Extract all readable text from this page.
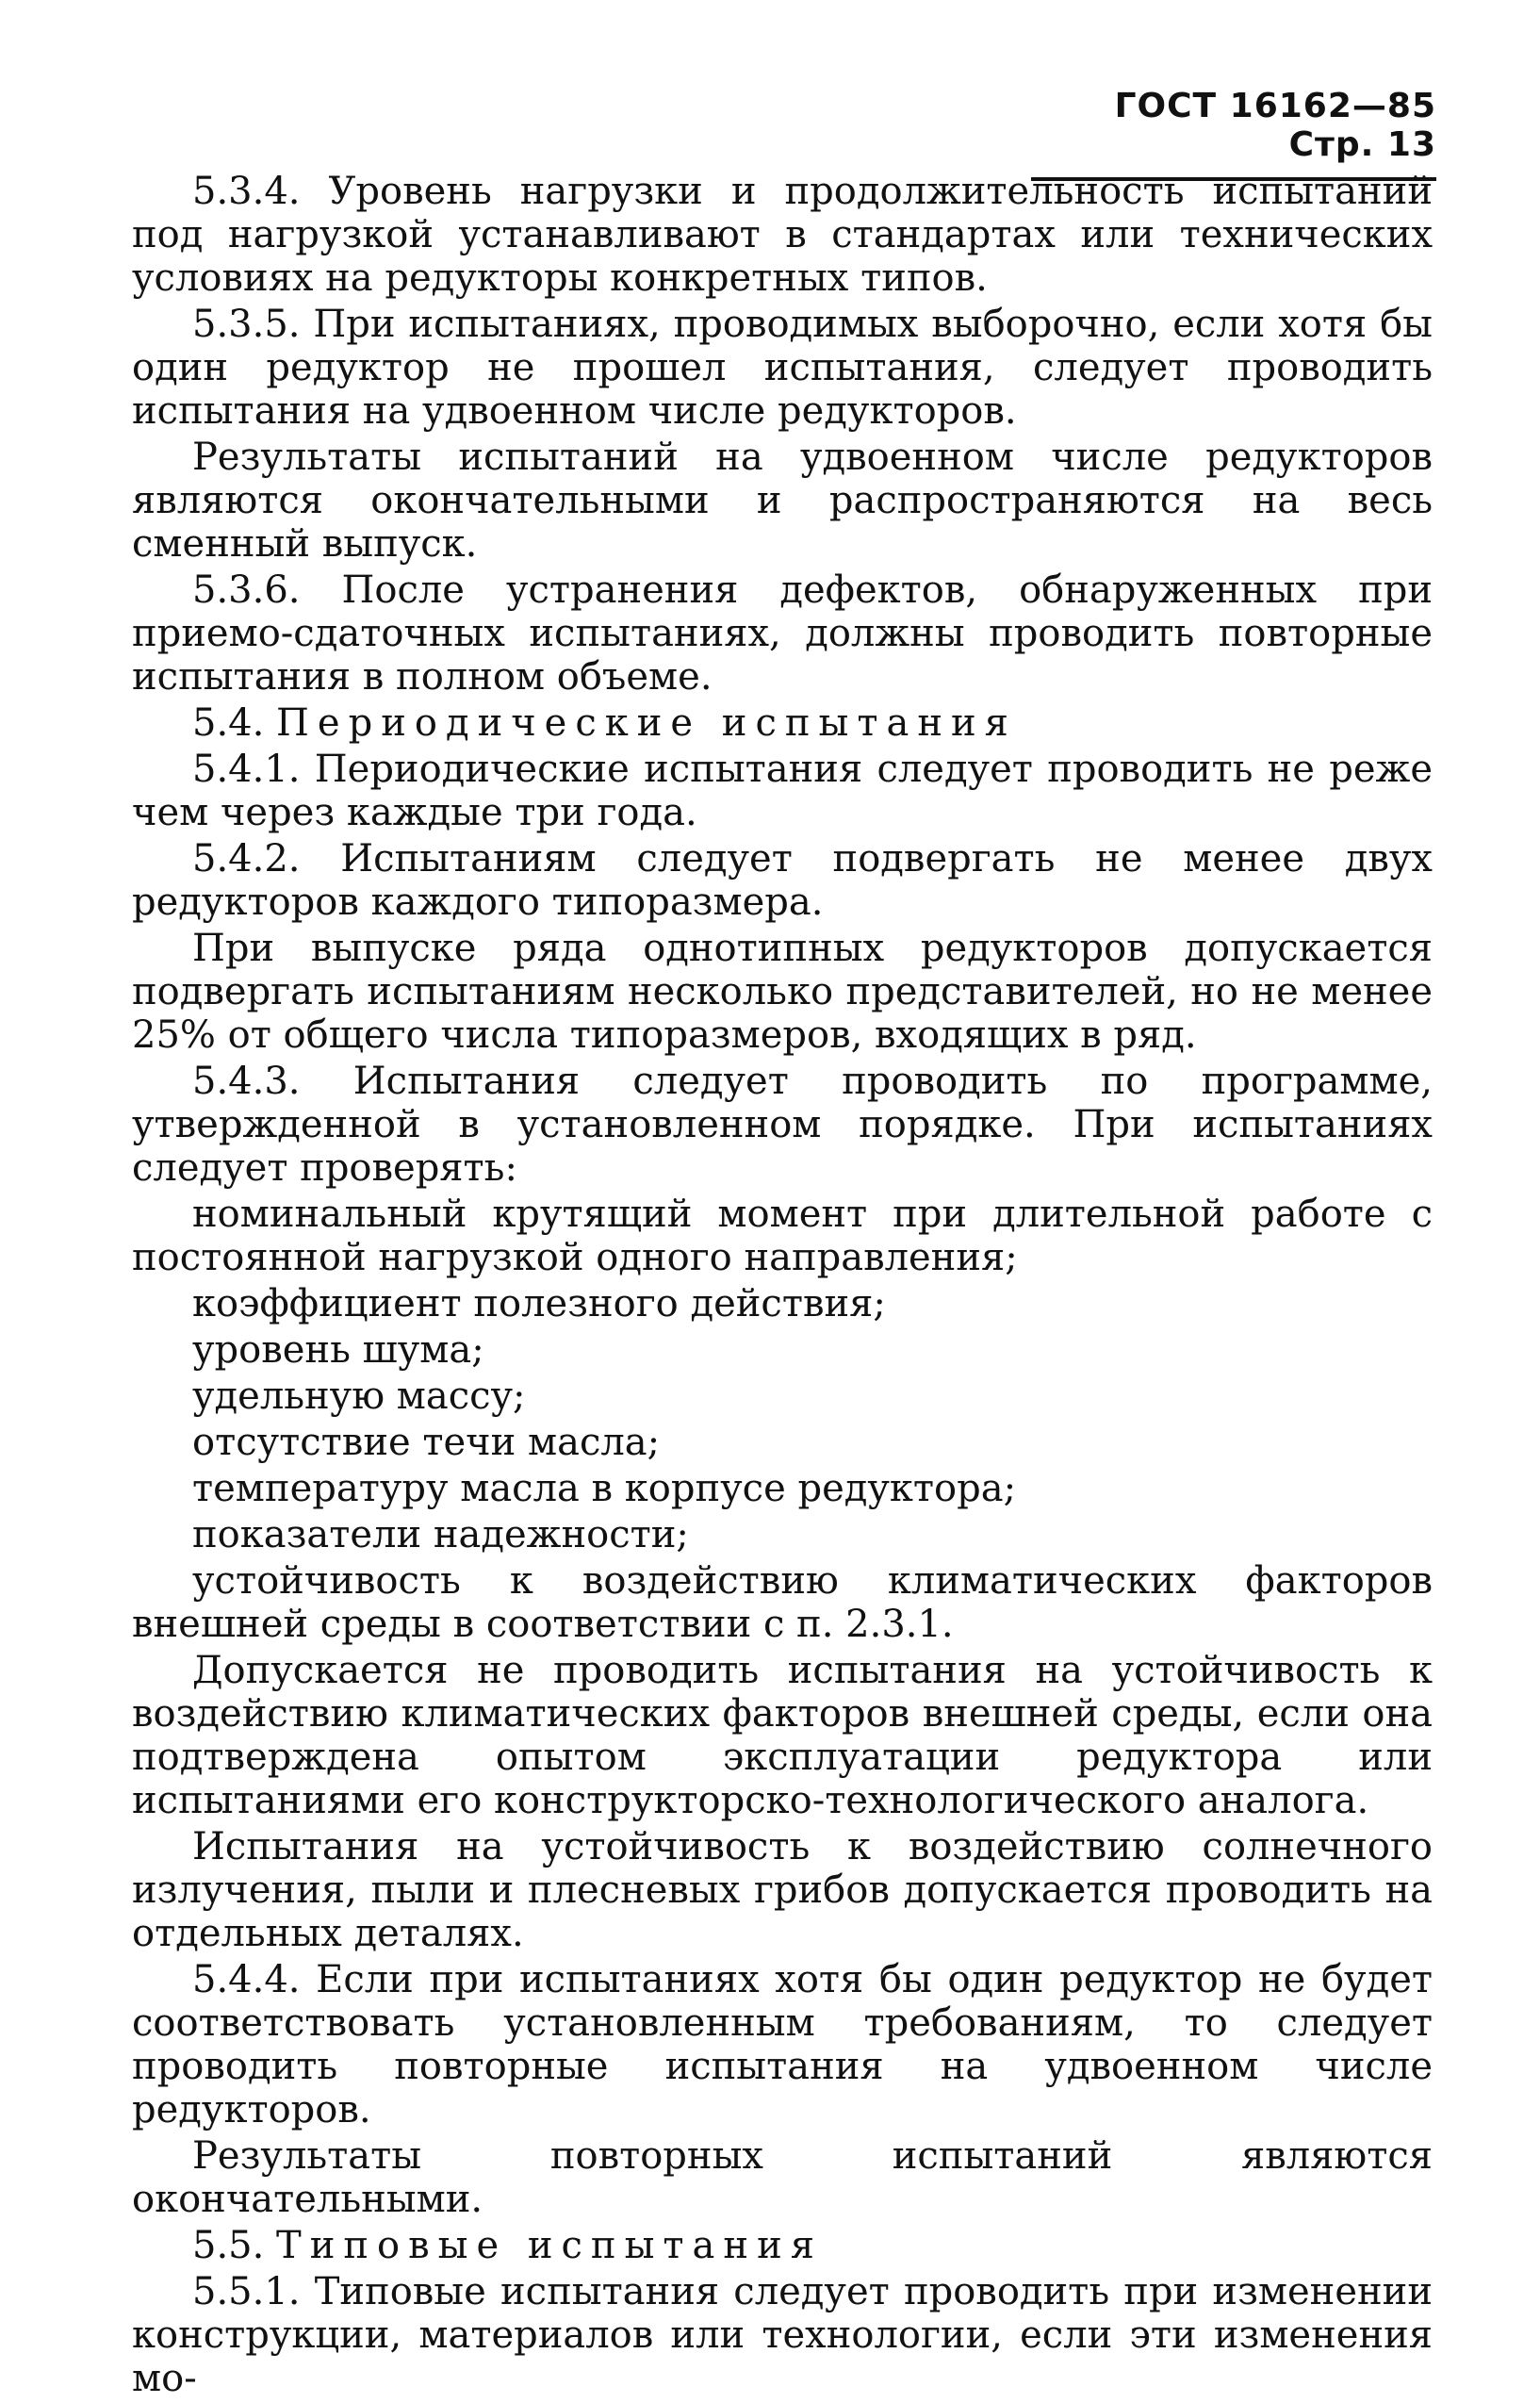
ГОСТ 16162—85 Стр. 13

5.3.4. Уровень нагрузки и продолжительность испытаний под нагрузкой устанавливают в стандартах или технических условиях на редукторы конкретных типов.

5.3.5. При испытаниях, проводимых выборочно, если хотя бы один редуктор не прошел испытания, следует проводить испытания на удвоенном числе редукторов.

Результаты испытаний на удвоенном числе редукторов являются окончательными и распространяются на весь сменный выпуск.

5.3.6. После устранения дефектов, обнаруженных при приемо-сдаточных испытаниях, должны проводить повторные испытания в полном объеме.

5.4. Периодические испытания

5.4.1. Периодические испытания следует проводить не реже чем через каждые три года.

5.4.2. Испытаниям следует подвергать не менее двух редукторов каждого типоразмера.

При выпуске ряда однотипных редукторов допускается подвергать испытаниям несколько представителей, но не менее 25% от общего числа типоразмеров, входящих в ряд.

5.4.3. Испытания следует проводить по программе, утвержденной в установленном порядке. При испытаниях следует проверять:

номинальный крутящий момент при длительной работе с постоянной нагрузкой одного направления;

коэффициент полезного действия;

уровень шума;

удельную массу;

отсутствие течи масла;

температуру масла в корпусе редуктора;

показатели надежности;

устойчивость к воздействию климатических факторов внешней среды в соответствии с п. 2.3.1.

Допускается не проводить испытания на устойчивость к воздействию климатических факторов внешней среды, если она подтверждена опытом эксплуатации редуктора или испытаниями его конструкторско-технологического аналога.

Испытания на устойчивость к воздействию солнечного излучения, пыли и плесневых грибов допускается проводить на отдельных деталях.

5.4.4. Если при испытаниях хотя бы один редуктор не будет соответствовать установленным требованиям, то следует проводить повторные испытания на удвоенном числе редукторов.

Результаты повторных испытаний являются окончательными.

5.5. Типовые испытания

5.5.1. Типовые испытания следует проводить при изменении конструкции, материалов или технологии, если эти изменения мо-
